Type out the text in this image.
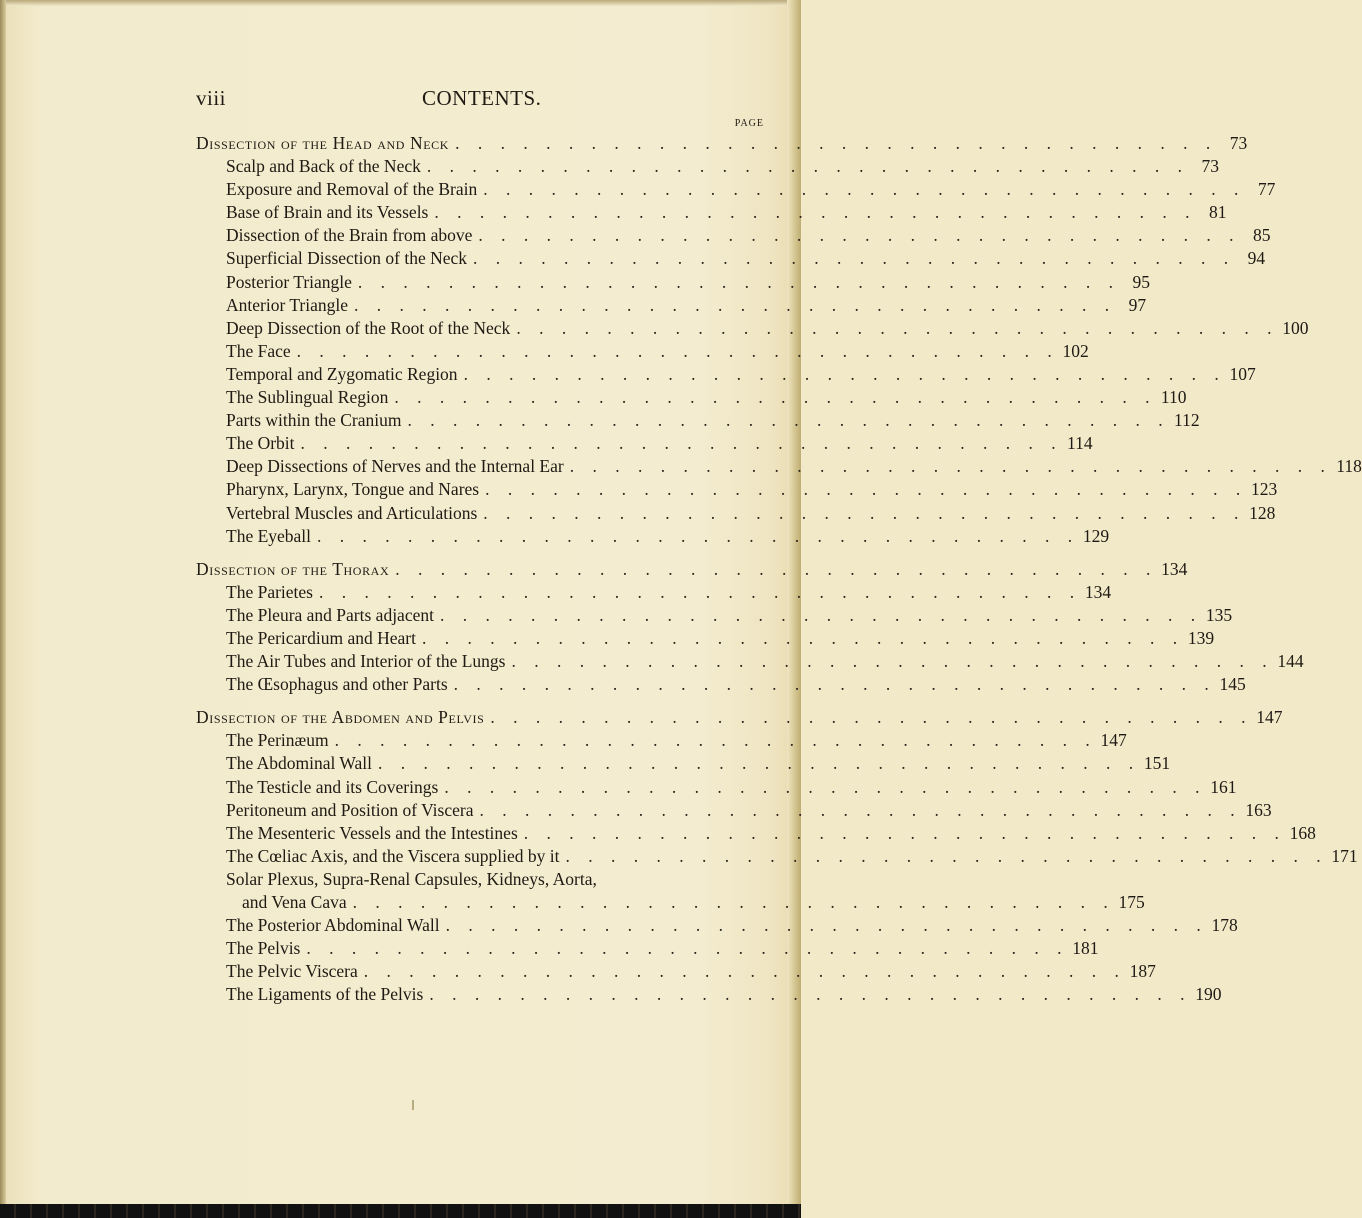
viii	CONTENTS.
PAGE
Dissection of the Head and Neck . . . . . . . . . . . . . . . . . . . . . . . . . . . . . . . . . . 73
Scalp and Back of the Neck . . . . . . . . . . . . . . . . . . . . . . . . . . . . . . . . . . 73
Exposure and Removal of the Brain . . . . . . . . . . . . . . . . . . . . . . . . . . . . . . . . . . 77
Base of Brain and its Vessels . . . . . . . . . . . . . . . . . . . . . . . . . . . . . . . . . . 81
Dissection of the Brain from above . . . . . . . . . . . . . . . . . . . . . . . . . . . . . . . . . . 85
Superficial Dissection of the Neck . . . . . . . . . . . . . . . . . . . . . . . . . . . . . . . . . . 94
Posterior Triangle . . . . . . . . . . . . . . . . . . . . . . . . . . . . . . . . . . 95
Anterior Triangle . . . . . . . . . . . . . . . . . . . . . . . . . . . . . . . . . . 97
Deep Dissection of the Root of the Neck . . . . . . . . . . . . . . . . . . . . . . . . . . . . . . . . . . 100
The Face . . . . . . . . . . . . . . . . . . . . . . . . . . . . . . . . . . 102
Temporal and Zygomatic Region . . . . . . . . . . . . . . . . . . . . . . . . . . . . . . . . . . 107
The Sublingual Region . . . . . . . . . . . . . . . . . . . . . . . . . . . . . . . . . . 110
Parts within the Cranium . . . . . . . . . . . . . . . . . . . . . . . . . . . . . . . . . . 112
The Orbit . . . . . . . . . . . . . . . . . . . . . . . . . . . . . . . . . . 114
Deep Dissections of Nerves and the Internal Ear . . . . . . . . . . . . . . . . . . . . . . . . . . . . . . . . . . 118
Pharynx, Larynx, Tongue and Nares . . . . . . . . . . . . . . . . . . . . . . . . . . . . . . . . . . 123
Vertebral Muscles and Articulations . . . . . . . . . . . . . . . . . . . . . . . . . . . . . . . . . . 128
The Eyeball . . . . . . . . . . . . . . . . . . . . . . . . . . . . . . . . . . 129
Dissection of the Thorax . . . . . . . . . . . . . . . . . . . . . . . . . . . . . . . . . . 134
The Parietes . . . . . . . . . . . . . . . . . . . . . . . . . . . . . . . . . . 134
The Pleura and Parts adjacent . . . . . . . . . . . . . . . . . . . . . . . . . . . . . . . . . . 135
The Pericardium and Heart . . . . . . . . . . . . . . . . . . . . . . . . . . . . . . . . . . 139
The Air Tubes and Interior of the Lungs . . . . . . . . . . . . . . . . . . . . . . . . . . . . . . . . . . 144
The Œsophagus and other Parts . . . . . . . . . . . . . . . . . . . . . . . . . . . . . . . . . . 145
Dissection of the Abdomen and Pelvis . . . . . . . . . . . . . . . . . . . . . . . . . . . . . . . . . . 147
The Perinæum . . . . . . . . . . . . . . . . . . . . . . . . . . . . . . . . . . 147
The Abdominal Wall . . . . . . . . . . . . . . . . . . . . . . . . . . . . . . . . . . 151
The Testicle and its Coverings . . . . . . . . . . . . . . . . . . . . . . . . . . . . . . . . . . 161
Peritoneum and Position of Viscera . . . . . . . . . . . . . . . . . . . . . . . . . . . . . . . . . . 163
The Mesenteric Vessels and the Intestines . . . . . . . . . . . . . . . . . . . . . . . . . . . . . . . . . . 168
The Cœliac Axis, and the Viscera supplied by it . . . . . . . . . . . . . . . . . . . . . . . . . . . . . . . . . . 171
Solar Plexus, Supra-Renal Capsules, Kidneys, Aorta,
and Vena Cava . . . . . . . . . . . . . . . . . . . . . . . . . . . . . . . . . . 175
The Posterior Abdominal Wall . . . . . . . . . . . . . . . . . . . . . . . . . . . . . . . . . . 178
The Pelvis . . . . . . . . . . . . . . . . . . . . . . . . . . . . . . . . . . 181
The Pelvic Viscera . . . . . . . . . . . . . . . . . . . . . . . . . . . . . . . . . . 187
The Ligaments of the Pelvis . . . . . . . . . . . . . . . . . . . . . . . . . . . . . . . . . . 190
